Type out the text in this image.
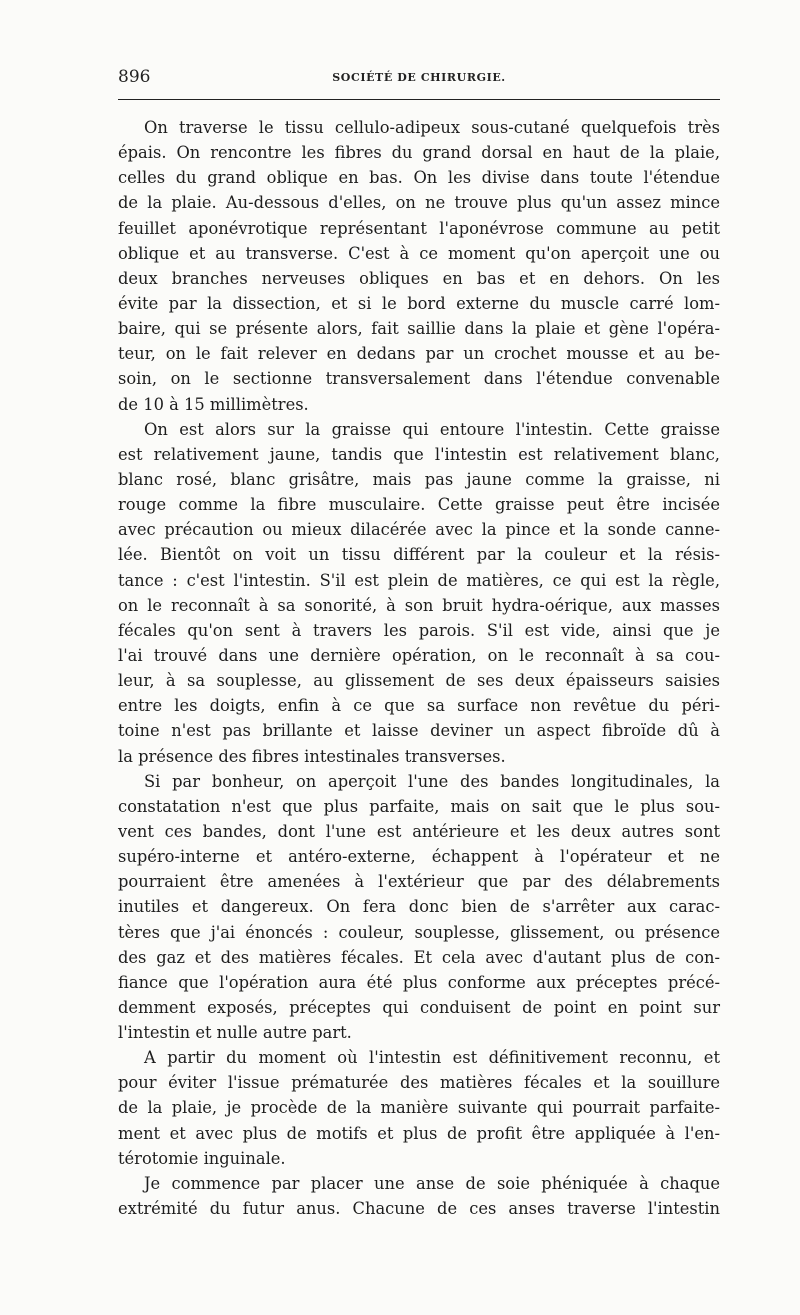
896	SOCIÉTÉ DE CHIRURGIE.
On traverse le tissu cellulo-adipeux sous-cutané quelquefois très
épais. On rencontre les fibres du grand dorsal en haut de la plaie,
celles du grand oblique en bas. On les divise dans toute l'étendue
de la plaie. Au-dessous d'elles, on ne trouve plus qu'un assez mince
feuillet aponévrotique représentant l'aponévrose commune au petit
oblique et au transverse. C'est à ce moment qu'on aperçoit une ou
deux branches nerveuses obliques en bas et en dehors. On les
évite par la dissection, et si le bord externe du muscle carré lom-
baire, qui se présente alors, fait saillie dans la plaie et gène l'opéra-
teur, on le fait relever en dedans par un crochet mousse et au be-
soin, on le sectionne transversalement dans l'étendue convenable
de 10 à 15 millimètres.
On est alors sur la graisse qui entoure l'intestin. Cette graisse
est relativement jaune, tandis que l'intestin est relativement blanc,
blanc rosé, blanc grisâtre, mais pas jaune comme la graisse, ni
rouge comme la fibre musculaire. Cette graisse peut être incisée
avec précaution ou mieux dilacérée avec la pince et la sonde canne-
lée. Bientôt on voit un tissu différent par la couleur et la résis-
tance : c'est l'intestin. S'il est plein de matières, ce qui est la règle,
on le reconnaît à sa sonorité, à son bruit hydra-oérique, aux masses
fécales qu'on sent à travers les parois. S'il est vide, ainsi que je
l'ai trouvé dans une dernière opération, on le reconnaît à sa cou-
leur, à sa souplesse, au glissement de ses deux épaisseurs saisies
entre les doigts, enfin à ce que sa surface non revêtue du péri-
toine n'est pas brillante et laisse deviner un aspect fibroïde dû à
la présence des fibres intestinales transverses.
Si par bonheur, on aperçoit l'une des bandes longitudinales, la
constatation n'est que plus parfaite, mais on sait que le plus sou-
vent ces bandes, dont l'une est antérieure et les deux autres sont
supéro-interne et antéro-externe, échappent à l'opérateur et ne
pourraient être amenées à l'extérieur que par des délabrements
inutiles et dangereux. On fera donc bien de s'arrêter aux carac-
tères que j'ai énoncés : couleur, souplesse, glissement, ou présence
des gaz et des matières fécales. Et cela avec d'autant plus de con-
fiance que l'opération aura été plus conforme aux préceptes précé-
demment exposés, préceptes qui conduisent de point en point sur
l'intestin et nulle autre part.
A partir du moment où l'intestin est définitivement reconnu, et
pour éviter l'issue prématurée des matières fécales et la souillure
de la plaie, je procède de la manière suivante qui pourrait parfaite-
ment et avec plus de motifs et plus de profit être appliquée à l'en-
térotomie inguinale.
Je commence par placer une anse de soie phéniquée à chaque
extrémité du futur anus. Chacune de ces anses traverse l'intestin
